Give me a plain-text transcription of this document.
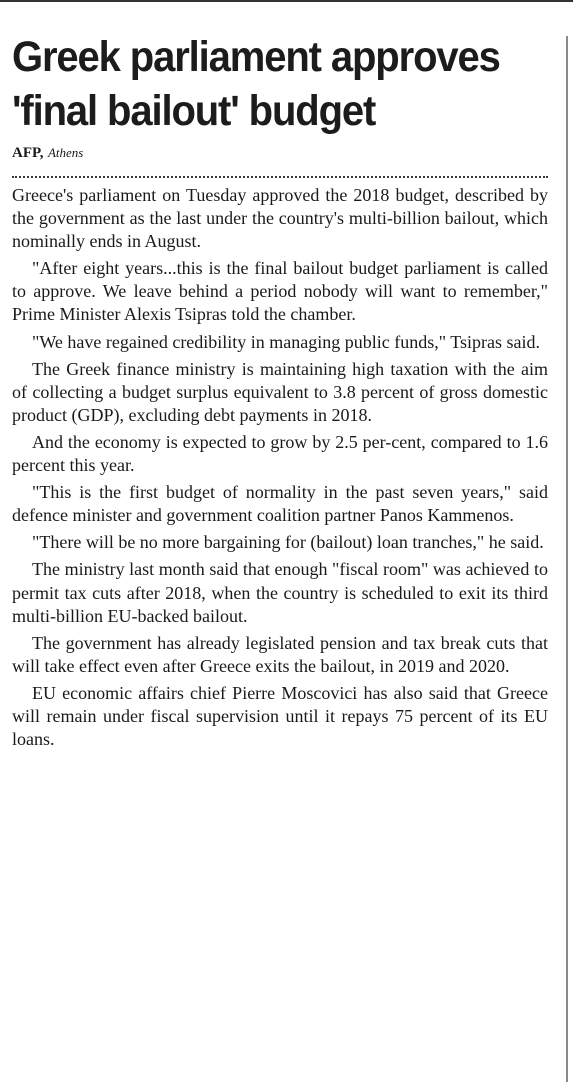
Greek parliament approves 'final bailout' budget
AFP, Athens

Greece's parliament on Tuesday approved the 2018 budget, described by the government as the last under the country's multi-billion bailout, which nominally ends in August.

"After eight years...this is the final bailout budget parliament is called to approve. We leave behind a period nobody will want to remember," Prime Minister Alexis Tsipras told the chamber.

"We have regained credibility in managing public funds," Tsipras said.

The Greek finance ministry is maintaining high taxation with the aim of collecting a budget surplus equivalent to 3.8 percent of gross domestic product (GDP), excluding debt payments in 2018.

And the economy is expected to grow by 2.5 per-cent, compared to 1.6 percent this year.

"This is the first budget of normality in the past seven years," said defence minister and government coalition partner Panos Kammenos.

"There will be no more bargaining for (bailout) loan tranches," he said.

The ministry last month said that enough "fiscal room" was achieved to permit tax cuts after 2018, when the country is scheduled to exit its third multi-billion EU-backed bailout.

The government has already legislated pension and tax break cuts that will take effect even after Greece exits the bailout, in 2019 and 2020.

EU economic affairs chief Pierre Moscovici has also said that Greece will remain under fiscal supervision until it repays 75 percent of its EU loans.
